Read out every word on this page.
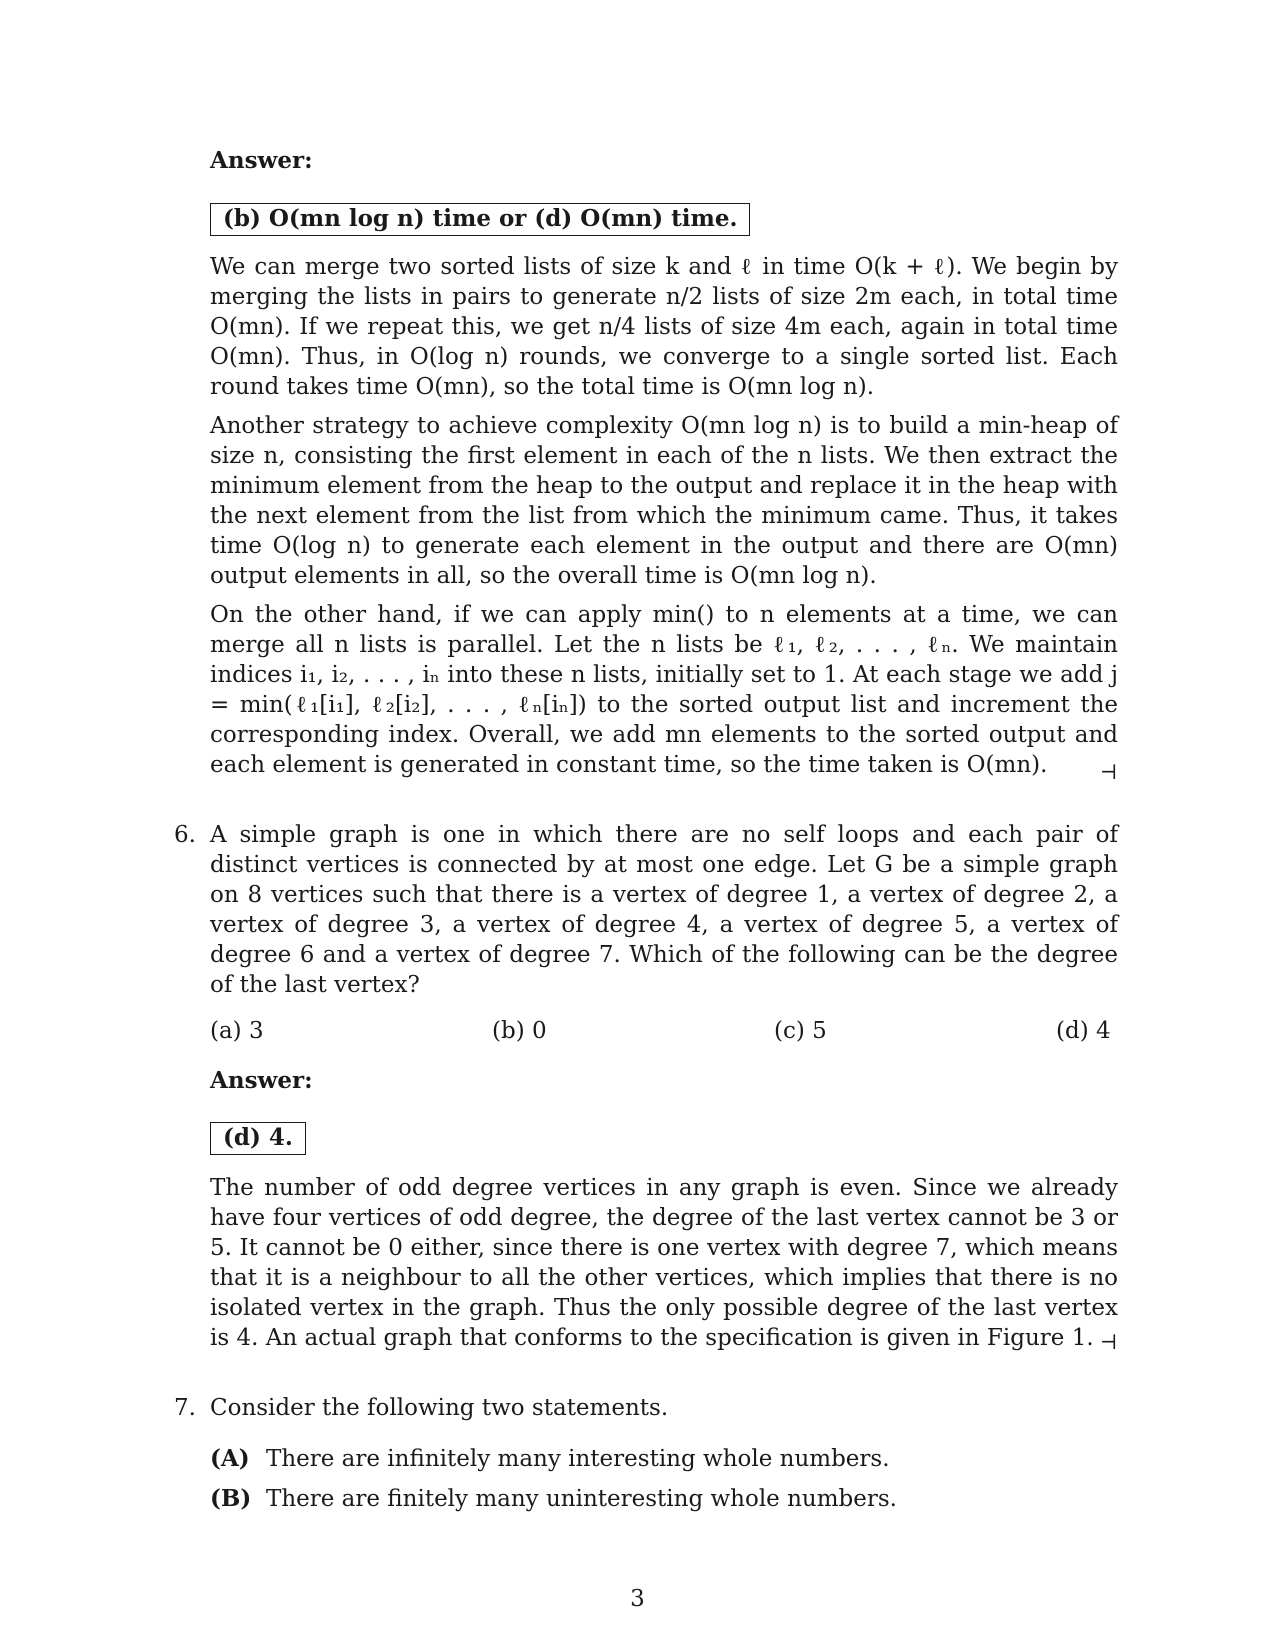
Answer:
(b) O(mn log n) time or (d) O(mn) time.

We can merge two sorted lists of size k and ℓ in time O(k + ℓ). We begin by merging the lists in pairs to generate n/2 lists of size 2m each, in total time O(mn). If we repeat this, we get n/4 lists of size 4m each, again in total time O(mn). Thus, in O(log n) rounds, we converge to a single sorted list. Each round takes time O(mn), so the total time is O(mn log n).

Another strategy to achieve complexity O(mn log n) is to build a min-heap of size n, consisting the first element in each of the n lists. We then extract the minimum element from the heap to the output and replace it in the heap with the next element from the list from which the minimum came. Thus, it takes time O(log n) to generate each element in the output and there are O(mn) output elements in all, so the overall time is O(mn log n).

On the other hand, if we can apply min() to n elements at a time, we can merge all n lists is parallel. Let the n lists be ℓ₁, ℓ₂, . . . , ℓₙ. We maintain indices i₁, i₂, . . . , iₙ into these n lists, initially set to 1. At each stage we add j = min(ℓ₁[i₁], ℓ₂[i₂], . . . , ℓₙ[iₙ]) to the sorted output list and increment the corresponding index. Overall, we add mn elements to the sorted output and each element is generated in constant time, so the time taken is O(mn).	⊣
6. A simple graph is one in which there are no self loops and each pair of distinct vertices is connected by at most one edge. Let G be a simple graph on 8 vertices such that there is a vertex of degree 1, a vertex of degree 2, a vertex of degree 3, a vertex of degree 4, a vertex of degree 5, a vertex of degree 6 and a vertex of degree 7. Which of the following can be the degree of the last vertex?

(a) 3	(b) 0	(c) 5	(d) 4
Answer:
(d) 4.

The number of odd degree vertices in any graph is even. Since we already have four vertices of odd degree, the degree of the last vertex cannot be 3 or 5. It cannot be 0 either, since there is one vertex with degree 7, which means that it is a neighbour to all the other vertices, which implies that there is no isolated vertex in the graph. Thus the only possible degree of the last vertex is 4. An actual graph that conforms to the specification is given in Figure 1. ⊣
7. Consider the following two statements.
(A) There are infinitely many interesting whole numbers.
(B) There are finitely many uninteresting whole numbers.
3
